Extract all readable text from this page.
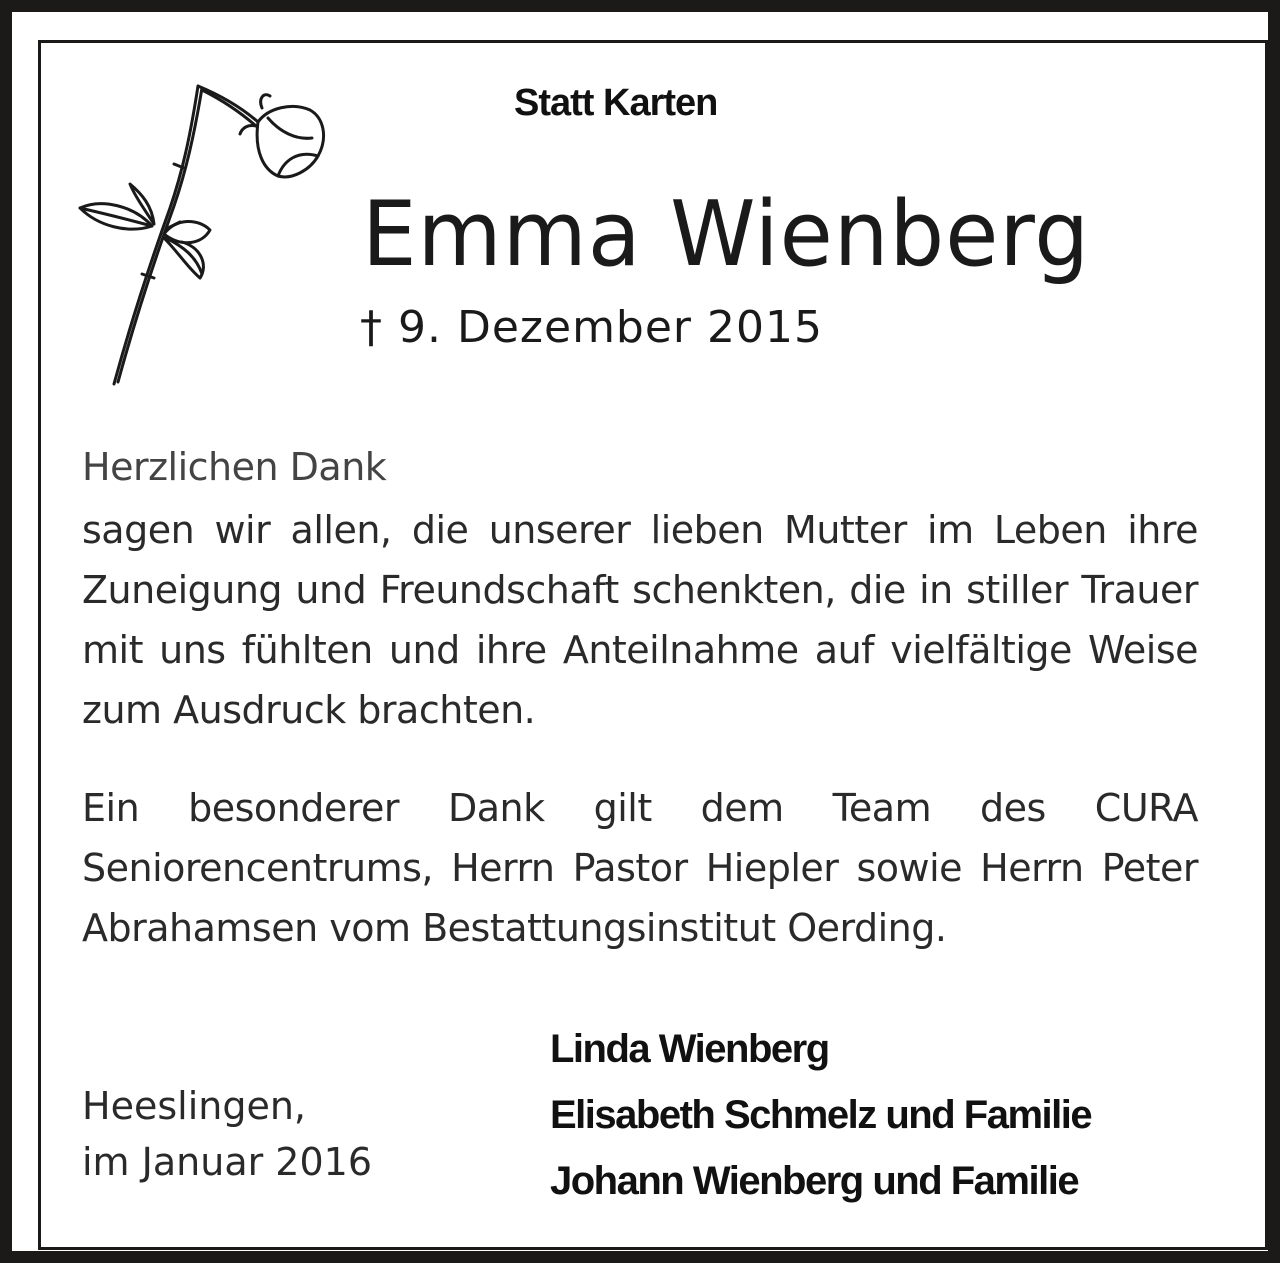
Statt Karten
Emma Wienberg
† 9. Dezember 2015
Herzlichen Dank
sagen wir allen, die unserer lieben Mutter im Leben ihre Zuneigung und Freundschaft schenkten, die in stiller Trauer mit uns fühlten und ihre Anteilnahme auf vielfältige Weise zum Ausdruck brachten.
Ein besonderer Dank gilt dem Team des CURA Seniorencentrums, Herrn Pastor Hiepler sowie Herrn Peter Abrahamsen vom Bestattungsinstitut Oerding.
Heeslingen,
im Januar 2016
Linda Wienberg
Elisabeth Schmelz und Familie
Johann Wienberg und Familie
